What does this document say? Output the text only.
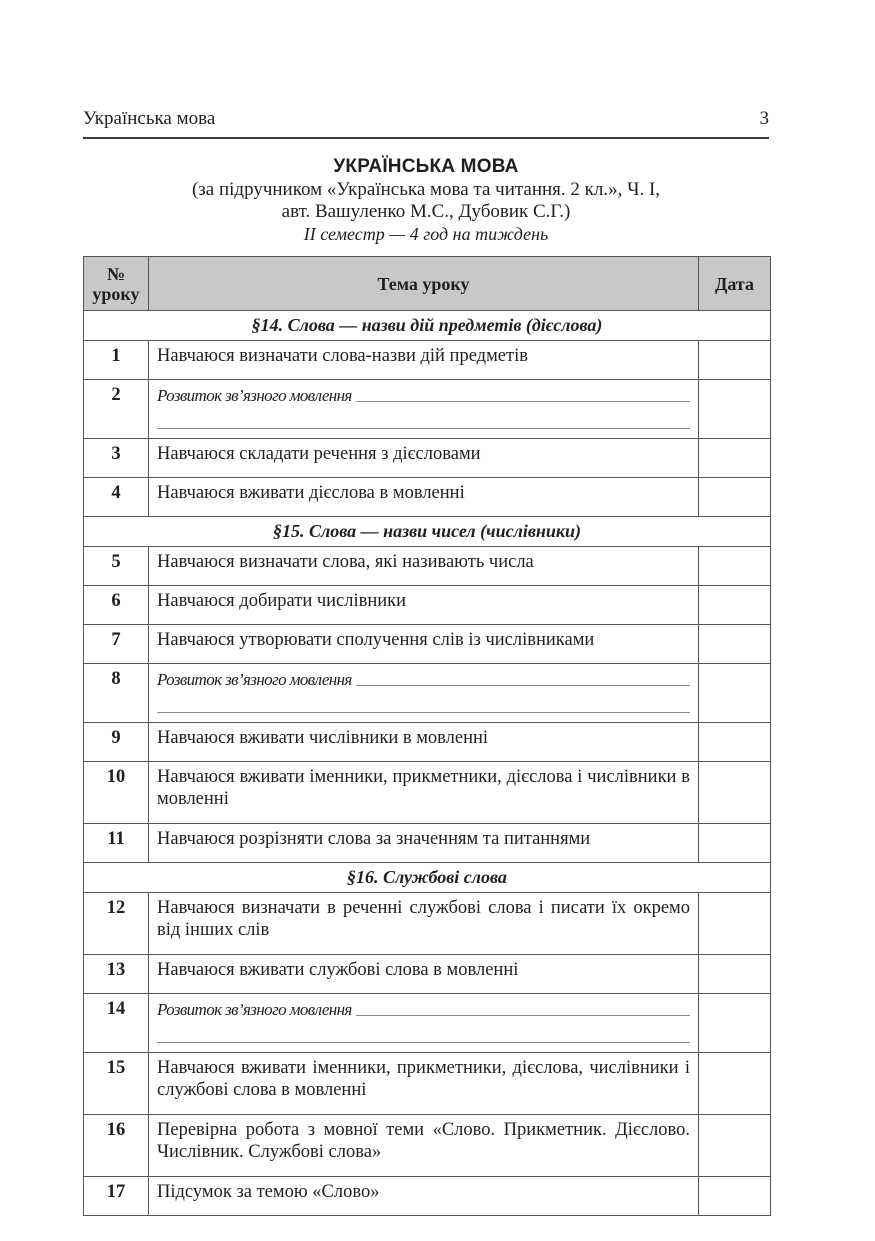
Українська мова	3
УКРАЇНСЬКА МОВА
(за підручником «Українська мова та читання. 2 кл.», Ч. I,
авт. Вашуленко М.С., Дубовик С.Г.)
II семестр — 4 год на тиждень
№
уроку	Тема уроку	Дата
§14. Слова — назви дій предметів (дієслова)		
1	Навчаюся визначати слова-назви дій предметів	
2	Розвиток зв’язного мовлення	

3	Навчаюся складати речення з дієсловами	
4	Навчаюся вживати дієслова в мовленні	
§15. Слова — назви чисел (числівники)		
5	Навчаюся визначати слова, які називають числа	
6	Навчаюся добирати числівники	
7	Навчаюся утворювати сполучення слів із числівниками	
8	Розвиток зв’язного мовлення	

9	Навчаюся вживати числівники в мовленні	
10	Навчаюся вживати іменники, прикметники, дієслова і числівники в мовленні	
11	Навчаюся розрізняти слова за значенням та питаннями	
§16. Службові слова		
12	Навчаюся визначати в реченні службові слова і писати їх окремо від інших слів	
13	Навчаюся вживати службові слова в мовленні	
14	Розвиток зв’язного мовлення	

15	Навчаюся вживати іменники, прикметники, дієслова, числівники і службові слова в мовленні	
16	Перевірна робота з мовної теми «Слово. Прикметник. Дієслово. Числівник. Службові слова»	
17	Підсумок за темою «Слово»	
